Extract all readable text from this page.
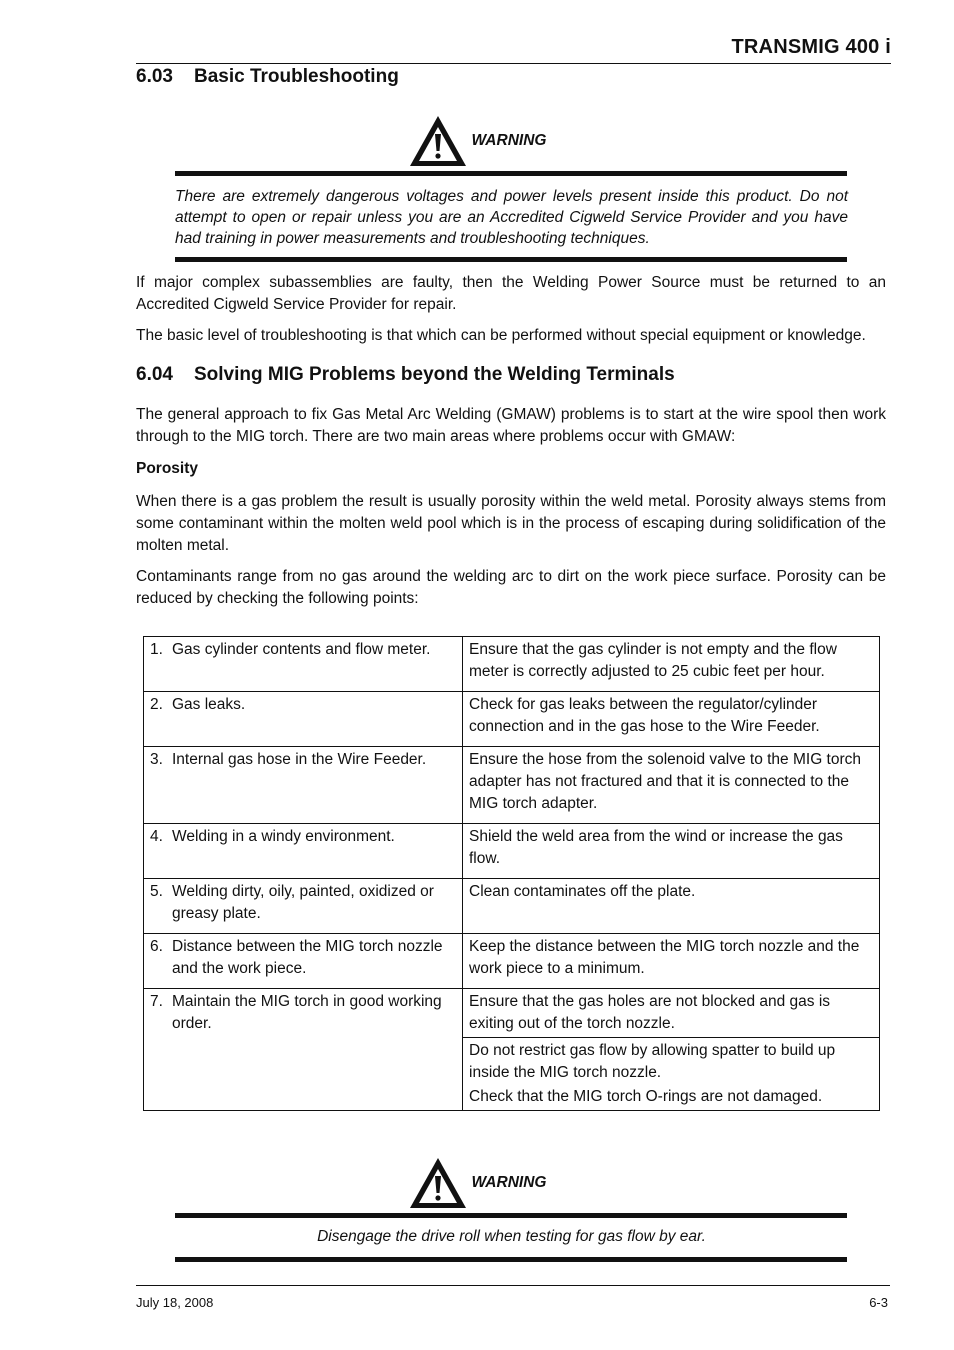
TRANSMIG 400 i
6.03 Basic Troubleshooting
WARNING
There are extremely dangerous voltages and power levels present inside this product. Do not attempt to open or repair unless you are an Accredited Cigweld Service Provider and you have had training in power measurements and troubleshooting techniques.
If major complex subassemblies are faulty, then the Welding Power Source must be returned to an Accredited Cigweld Service Provider for repair.
The basic level of troubleshooting is that which can be performed without special equipment or knowledge.
6.04 Solving MIG Problems beyond the Welding Terminals
The general approach to fix Gas Metal Arc Welding (GMAW) problems is to start at the wire spool then work through to the MIG torch. There are two main areas where problems occur with GMAW:
Porosity
When there is a gas problem the result is usually porosity within the weld metal. Porosity always stems from some contaminant within the molten weld pool which is in the process of escaping during solidification of the molten metal.
Contaminants range from no gas around the welding arc to dirt on the work piece surface. Porosity can be reduced by checking the following points:
1. Gas cylinder contents and flow meter.	Ensure that the gas cylinder is not empty and the flow meter is correctly adjusted to 25 cubic feet per hour.

2. Gas leaks.	Check for gas leaks between the regulator/cylinder connection and in the gas hose to the Wire Feeder.

3. Internal gas hose in the Wire Feeder.	Ensure the hose from the solenoid valve to the MIG torch adapter has not fractured and that it is connected to the MIG torch adapter.

4. Welding in a windy environment.	Shield the weld area from the wind or increase the gas flow.

5. Welding dirty, oily, painted, oxidized or greasy plate.	Clean contaminates off the plate.

6. Distance between the MIG torch nozzle and the work piece.	Keep the distance between the MIG torch nozzle and the work piece to a minimum.

7. Maintain the MIG torch in good working order.	Ensure that the gas holes are not blocked and gas is exiting out of the torch nozzle.

	Do not restrict gas flow by allowing spatter to build up inside the MIG torch nozzle.
Check that the MIG torch O-rings are not damaged.
WARNING
Disengage the drive roll when testing for gas flow by ear.
July 18, 2008	6-3
